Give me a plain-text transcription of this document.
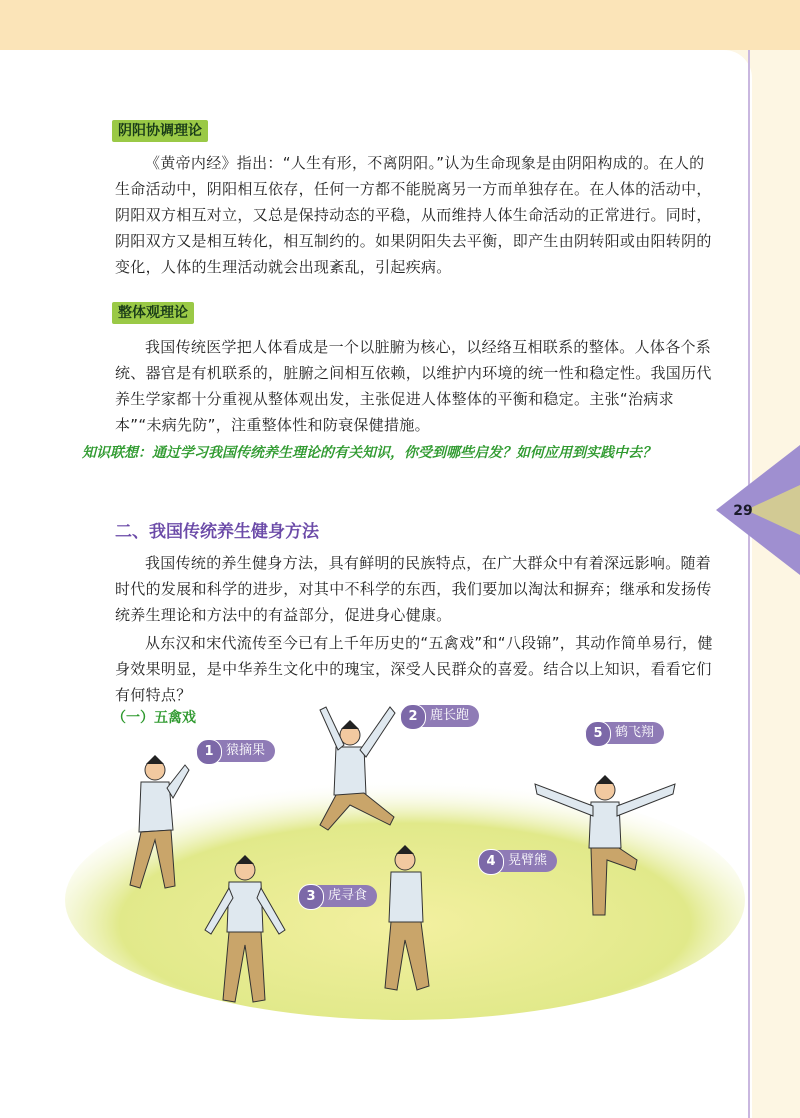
29
阴阳协调理论
《黄帝内经》指出：“人生有形，不离阴阳。”认为生命现象是由阴阳构成的。在人的生命活动中，阴阳相互依存，任何一方都不能脱离另一方而单独存在。在人体的活动中，阴阳双方相互对立，又总是保持动态的平稳，从而维持人体生命活动的正常进行。同时，阴阳双方又是相互转化，相互制约的。如果阴阳失去平衡，即产生由阴转阳或由阳转阴的变化，人体的生理活动就会出现紊乱，引起疾病。
整体观理论
我国传统医学把人体看成是一个以脏腑为核心，以经络互相联系的整体。人体各个系统、器官是有机联系的，脏腑之间相互依赖，以维护内环境的统一性和稳定性。我国历代养生学家都十分重视从整体观出发，主张促进人体整体的平衡和稳定。主张“治病求本”“未病先防”，注重整体性和防衰保健措施。
知识联想：通过学习我国传统养生理论的有关知识，你受到哪些启发？如何应用到实践中去？
二、我国传统养生健身方法
我国传统的养生健身方法，具有鲜明的民族特点，在广大群众中有着深远影响。随着时代的发展和科学的进步，对其中不科学的东西，我们要加以淘汰和摒弃；继承和发扬传统养生理论和方法中的有益部分，促进身心健康。
从东汉和宋代流传至今已有上千年历史的“五禽戏”和“八段锦”，其动作简单易行，健身效果明显，是中华养生文化中的瑰宝，深受人民群众的喜爱。结合以上知识，看看它们有何特点？
（一）五禽戏
1 猿摘果
2 鹿长跑
3 虎寻食
4 晃臂熊
5 鹤飞翔
